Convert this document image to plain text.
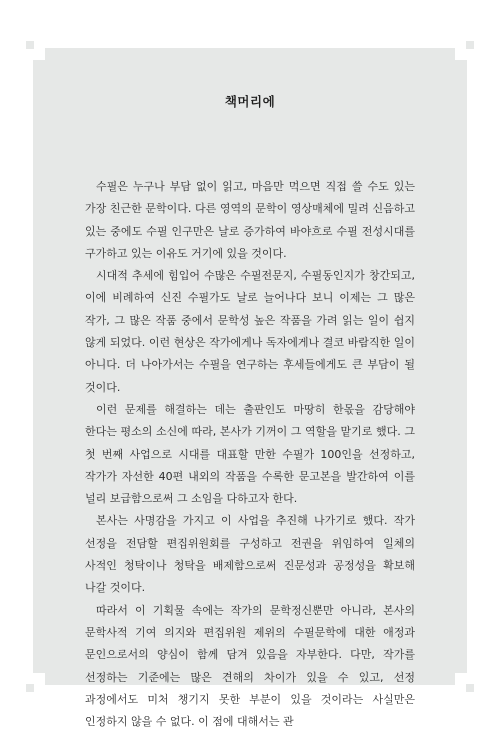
책머리에

수필은 누구나 부담 없이 읽고, 마음만 먹으면 직접 쓸 수도 있는 가장 친근한 문학이다. 다른 영역의 문학이 영상매체에 밀려 신음하고 있는 중에도 수필 인구만은 날로 증가하여 바야흐로 수필 전성시대를 구가하고 있는 이유도 거기에 있을 것이다.

시대적 추세에 힘입어 수많은 수필전문지, 수필동인지가 창간되고, 이에 비례하여 신진 수필가도 날로 늘어나다 보니 이제는 그 많은 작가, 그 많은 작품 중에서 문학성 높은 작품을 가려 읽는 일이 쉽지 않게 되었다. 이런 현상은 작가에게나 독자에게나 결코 바람직한 일이 아니다. 더 나아가서는 수필을 연구하는 후세들에게도 큰 부담이 될 것이다.

이런 문제를 해결하는 데는 출판인도 마땅히 한몫을 감당해야 한다는 평소의 소신에 따라, 본사가 기꺼이 그 역할을 맡기로 했다. 그 첫 번째 사업으로 시대를 대표할 만한 수필가 100인을 선정하고, 작가가 자선한 40편 내외의 작품을 수록한 문고본을 발간하여 이를 널리 보급함으로써 그 소임을 다하고자 한다.

본사는 사명감을 가지고 이 사업을 추진해 나가기로 했다. 작가 선정을 전담할 편집위원회를 구성하고 전권을 위임하여 일체의 사적인 청탁이나 청탁을 배제함으로써 진문성과 공정성을 확보해 나갈 것이다.

따라서 이 기획물 속에는 작가의 문학정신뿐만 아니라, 본사의 문학사적 기여 의지와 편집위원 제위의 수필문학에 대한 애정과 문인으로서의 양심이 함께 담겨 있음을 자부한다. 다만, 작가를 선정하는 기준에는 많은 견해의 차이가 있을 수 있고, 선정 과정에서도 미처 챙기지 못한 부분이 있을 것이라는 사실만은 인정하지 않을 수 없다. 이 점에 대해서는 관
